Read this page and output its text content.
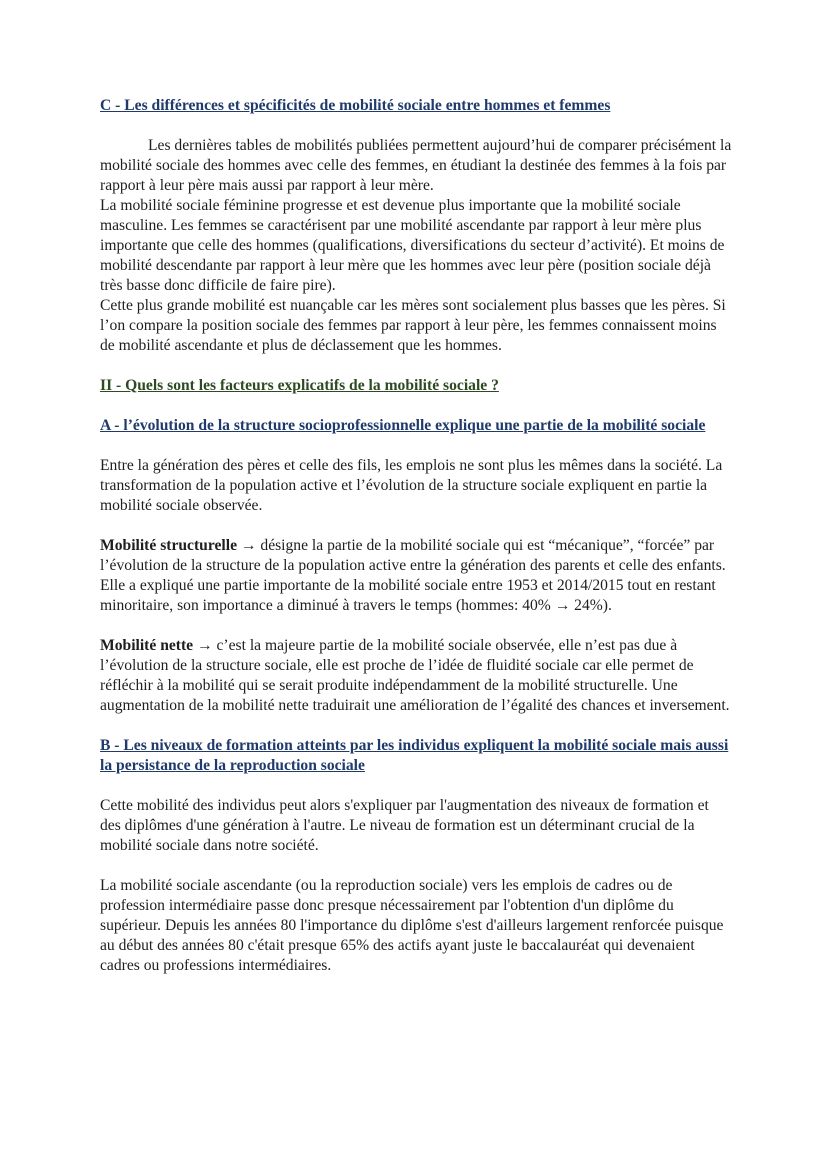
C - Les différences et spécificités de mobilité sociale entre hommes et femmes

Les dernières tables de mobilités publiées permettent aujourd’hui de comparer précisément la mobilité sociale des hommes avec celle des femmes, en étudiant la destinée des femmes à la fois par rapport à leur père mais aussi par rapport à leur mère.

La mobilité sociale féminine progresse et est devenue plus importante que la mobilité sociale masculine. Les femmes se caractérisent par une mobilité ascendante par rapport à leur mère plus importante que celle des hommes (qualifications, diversifications du secteur d’activité). Et moins de mobilité descendante par rapport à leur mère que les hommes avec leur père (position sociale déjà très basse donc difficile de faire pire).

Cette plus grande mobilité est nuançable car les mères sont socialement plus basses que les pères. Si l’on compare la position sociale des femmes par rapport à leur père, les femmes connaissent moins de mobilité ascendante et plus de déclassement que les hommes.

II - Quels sont les facteurs explicatifs de la mobilité sociale ?
A - l’évolution de la structure socioprofessionnelle explique une partie de la mobilité sociale

Entre la génération des pères et celle des fils, les emplois ne sont plus les mêmes dans la société. La transformation de la population active et l’évolution de la structure sociale expliquent en partie la mobilité sociale observée.

Mobilité structurelle → désigne la partie de la mobilité sociale qui est “mécanique”, “forcée” par l’évolution de la structure de la population active entre la génération des parents et celle des enfants. Elle a expliqué une partie importante de la mobilité sociale entre 1953 et 2014/2015 tout en restant minoritaire, son importance a diminué à travers le temps (hommes: 40% → 24%).

Mobilité nette → c’est la majeure partie de la mobilité sociale observée, elle n’est pas due à l’évolution de la structure sociale, elle est proche de l’idée de fluidité sociale car elle permet de réfléchir à la mobilité qui se serait produite indépendamment de la mobilité structurelle. Une augmentation de la mobilité nette traduirait une amélioration de l’égalité des chances et inversement.

B - Les niveaux de formation atteints par les individus expliquent la mobilité sociale mais aussi la persistance de la reproduction sociale

Cette mobilité des individus peut alors s'expliquer par l'augmentation des niveaux de formation et des diplômes d'une génération à l'autre. Le niveau de formation est un déterminant crucial de la mobilité sociale dans notre société.

La mobilité sociale ascendante (ou la reproduction sociale) vers les emplois de cadres ou de profession intermédiaire passe donc presque nécessairement par l'obtention d'un diplôme du supérieur. Depuis les années 80 l'importance du diplôme s'est d'ailleurs largement renforcée puisque au début des années 80 c'était presque 65% des actifs ayant juste le baccalauréat qui devenaient cadres ou professions intermédiaires.
